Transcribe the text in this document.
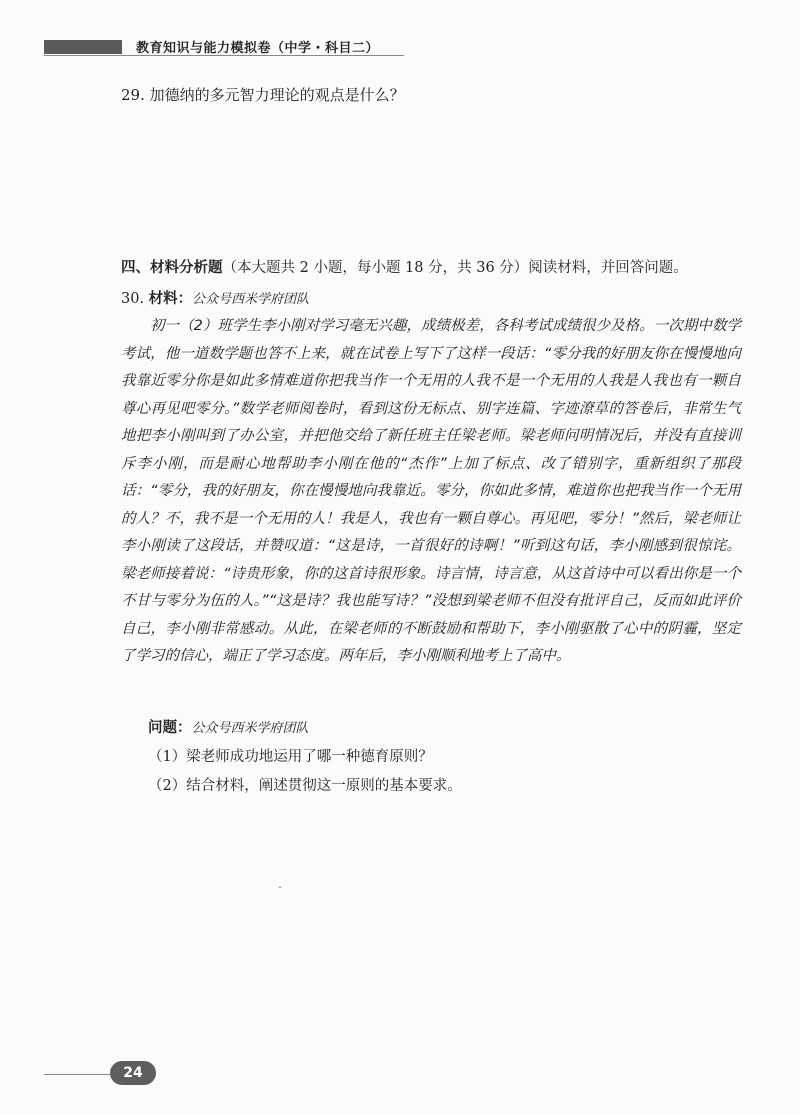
教育知识与能力模拟卷（中学・科目二）
29. 加德纳的多元智力理论的观点是什么？
四、材料分析题（本大题共 2 小题，每小题 18 分，共 36 分）阅读材料，并回答问题。
30. 材料：公众号西米学府团队

初一（2）班学生李小刚对学习毫无兴趣，成绩极差，各科考试成绩很少及格。一次期中数学考试，他一道数学题也答不上来，就在试卷上写下了这样一段话：“零分我的好朋友你在慢慢地向我靠近零分你是如此多情难道你把我当作一个无用的人我不是一个无用的人我是人我也有一颗自尊心再见吧零分。”数学老师阅卷时，看到这份无标点、别字连篇、字迹潦草的答卷后，非常生气地把李小刚叫到了办公室，并把他交给了新任班主任梁老师。梁老师问明情况后，并没有直接训斥李小刚，而是耐心地帮助李小刚在他的“杰作”上加了标点、改了错别字，重新组织了那段话：“零分，我的好朋友，你在慢慢地向我靠近。零分，你如此多情，难道你也把我当作一个无用的人？不，我不是一个无用的人！我是人，我也有一颗自尊心。再见吧，零分！”然后，梁老师让李小刚读了这段话，并赞叹道：“这是诗，一首很好的诗啊！”听到这句话，李小刚感到很惊诧。梁老师接着说：“诗贵形象，你的这首诗很形象。诗言情，诗言意，从这首诗中可以看出你是一个不甘与零分为伍的人。”“这是诗？我也能写诗？”没想到梁老师不但没有批评自己，反而如此评价自己，李小刚非常感动。从此，在梁老师的不断鼓励和帮助下，李小刚驱散了心中的阴霾，坚定了学习的信心，端正了学习态度。两年后，李小刚顺利地考上了高中。

问题：公众号西米学府团队
（1）梁老师成功地运用了哪一种德育原则？
（2）结合材料，阐述贯彻这一原则的基本要求。
24
